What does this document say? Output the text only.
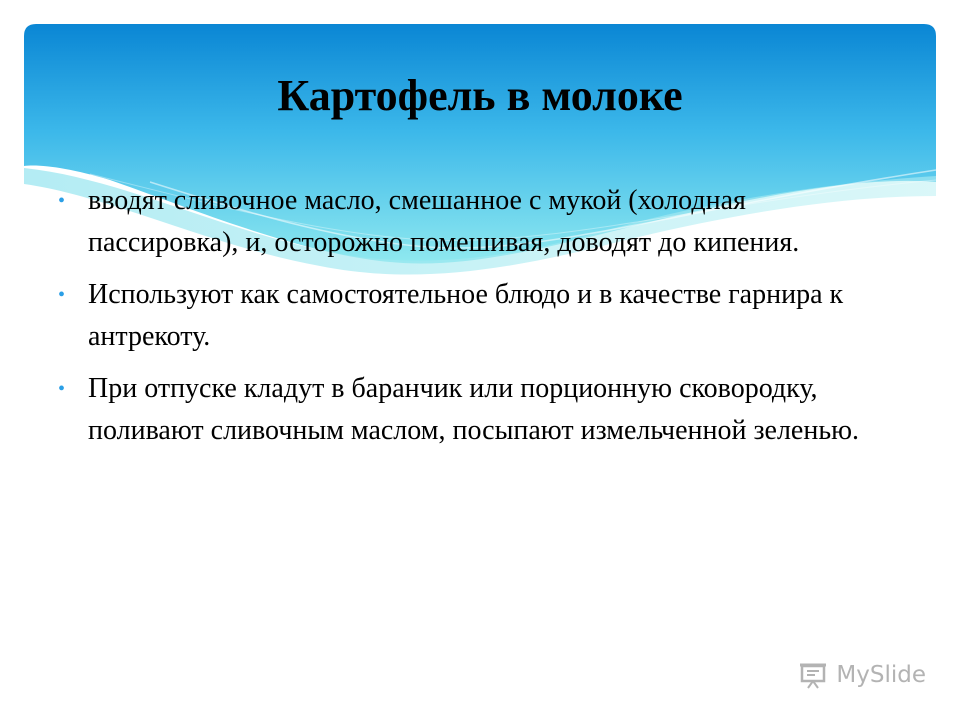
Картофель в молоке
• вводят сливочное масло, смешанное с мукой (холодная пассировка), и, осторожно помешивая, доводят до кипения.
• Используют как самостоятельное блюдо и в качестве гарнира к антрекоту.
• При отпуске кладут в баранчик или порционную сковородку, поливают сливочным маслом, посыпают измельченной зеленью.
MySlide
